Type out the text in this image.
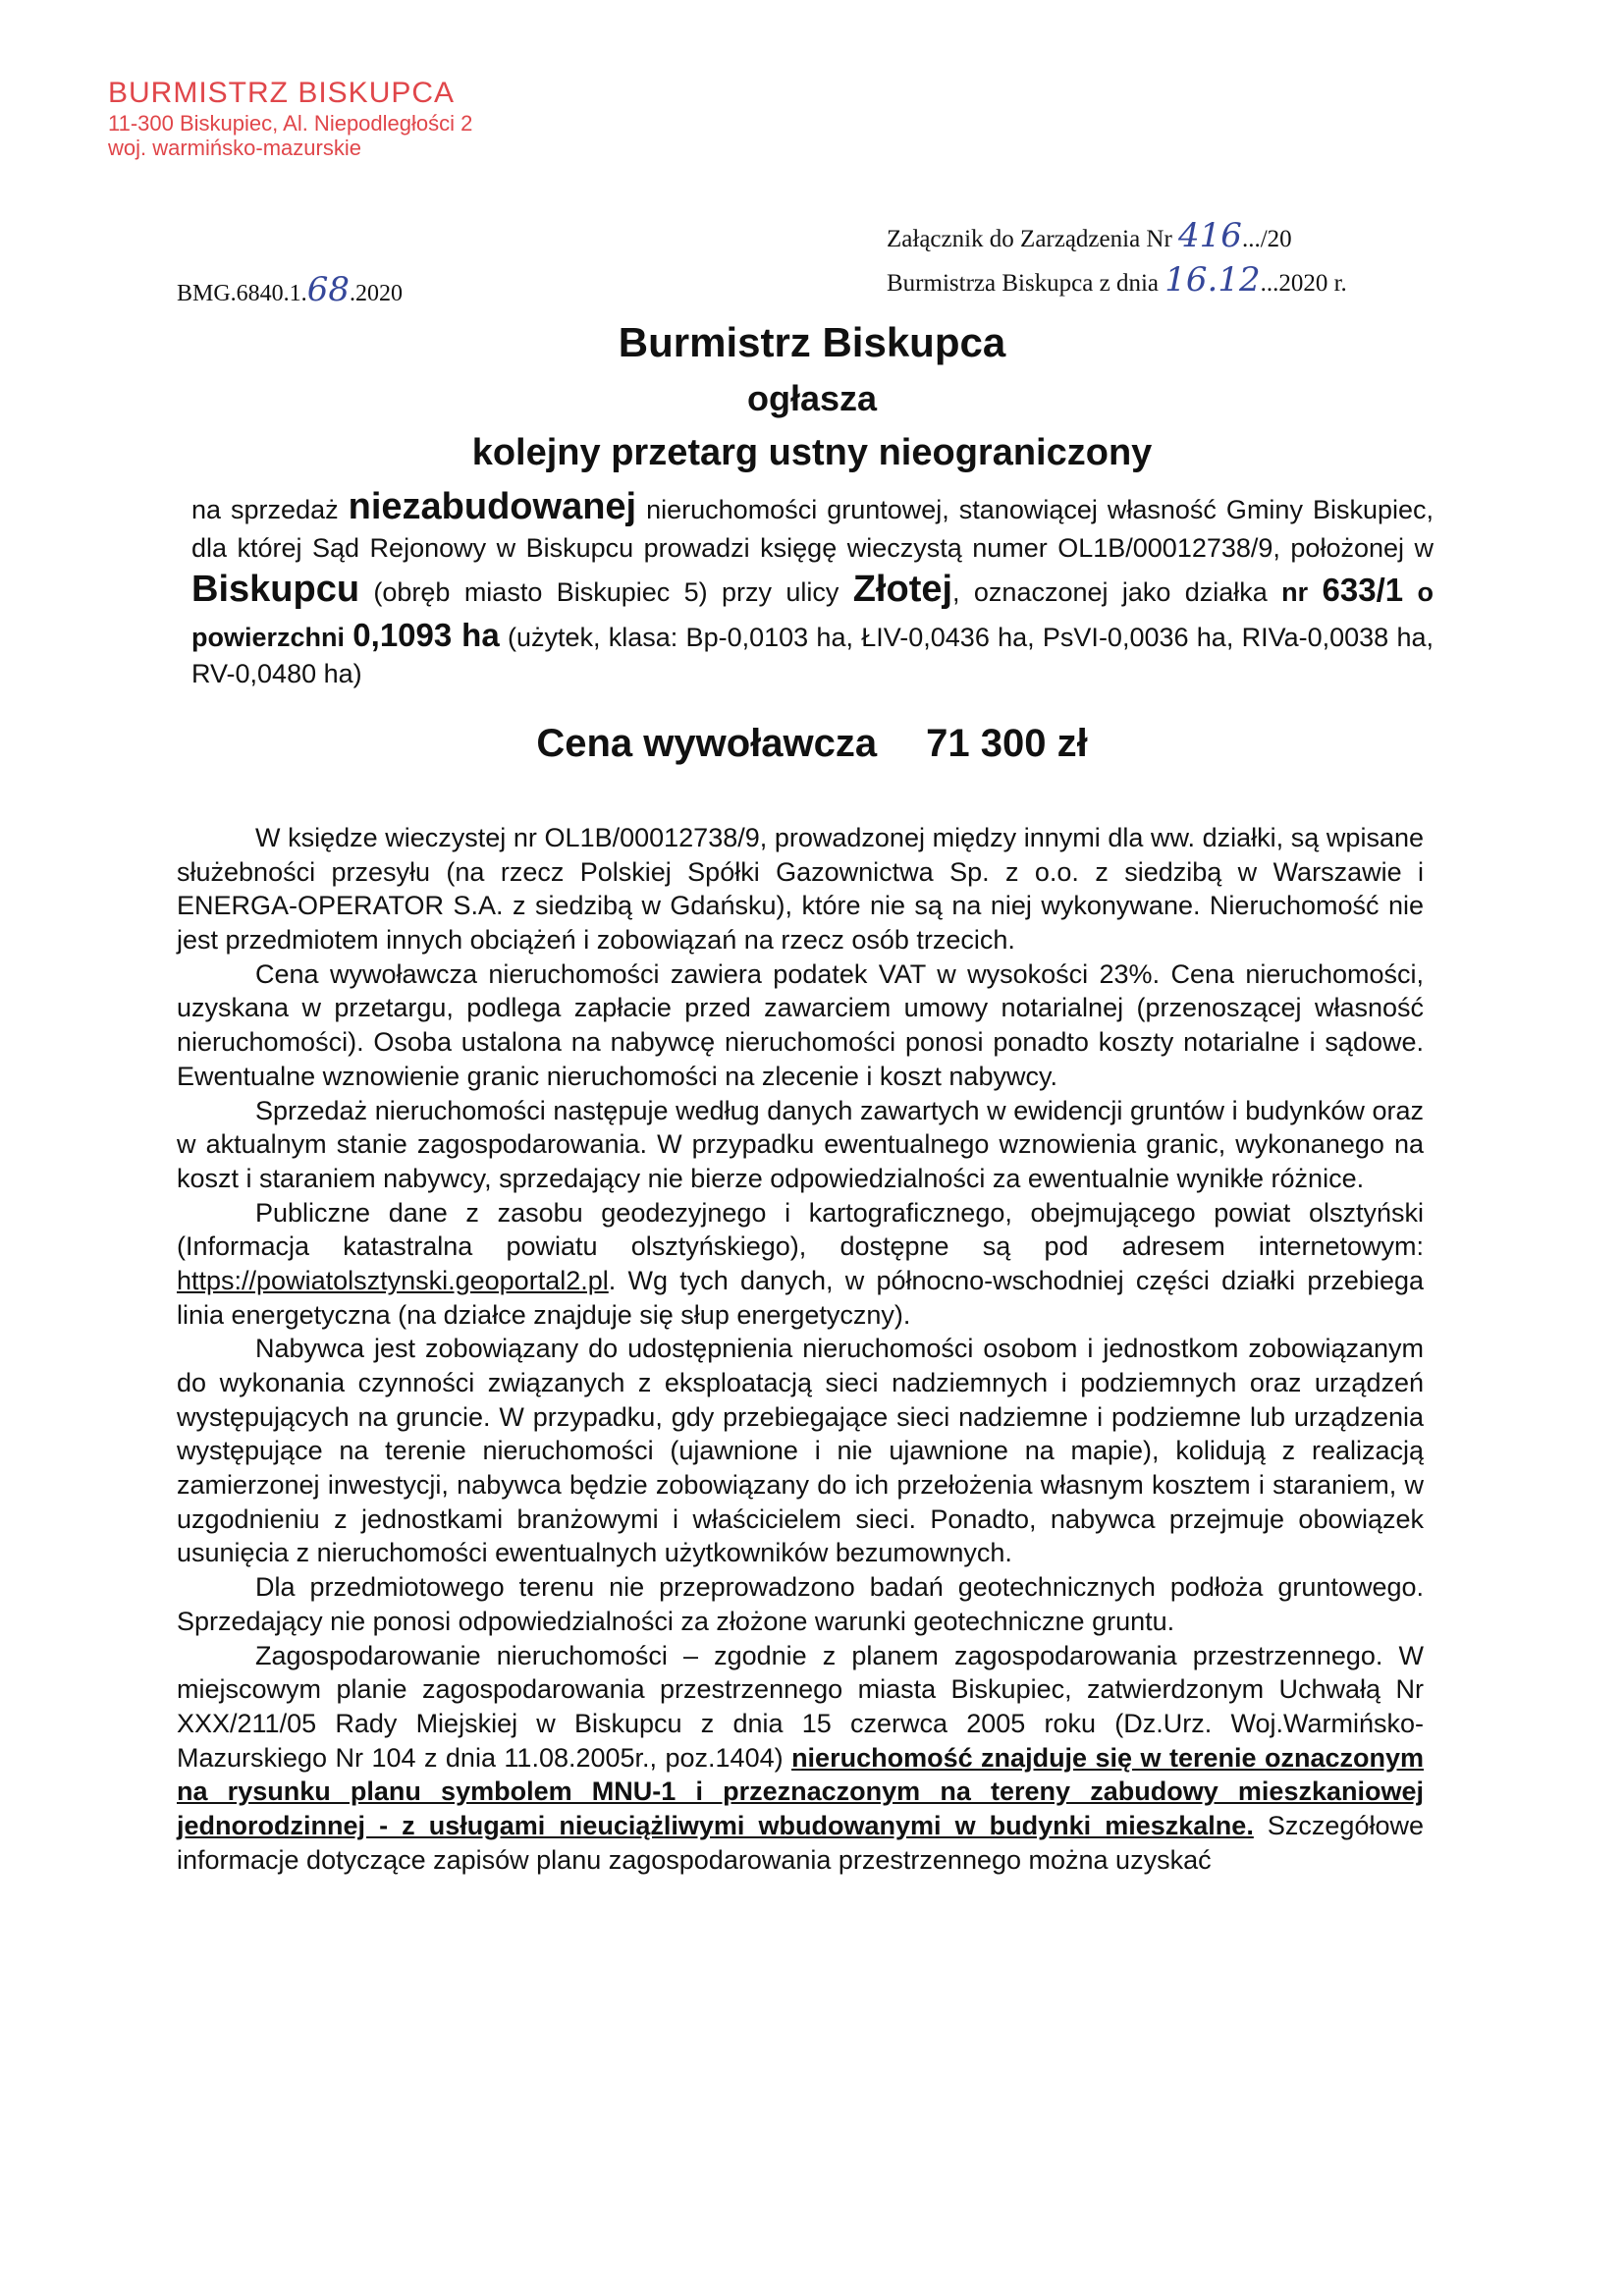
BURMISTRZ BISKUPCA
11-300 Biskupiec, Al. Niepodległości 2
woj. warmińsko-mazurskie
Załącznik do Zarządzenia Nr 416.../20
Burmistrza Biskupca z dnia 16.12...2020 r.
BMG.6840.1.68.2020
Burmistrz Biskupca
ogłasza
kolejny przetarg ustny nieograniczony
na sprzedaż niezabudowanej nieruchomości gruntowej, stanowiącej własność Gminy Biskupiec, dla której Sąd Rejonowy w Biskupcu prowadzi księgę wieczystą numer OL1B/00012738/9, położonej w Biskupcu (obręb miasto Biskupiec 5) przy ulicy Złotej, oznaczonej jako działka nr 633/1 o powierzchni 0,1093 ha (użytek, klasa: Bp-0,0103 ha, ŁIV-0,0436 ha, PsVI-0,0036 ha, RIVa-0,0038 ha, RV-0,0480 ha)
Cena wywoławcza 71 300 zł

W księdze wieczystej nr OL1B/00012738/9, prowadzonej między innymi dla ww. działki, są wpisane służebności przesyłu (na rzecz Polskiej Spółki Gazownictwa Sp. z o.o. z siedzibą w Warszawie i ENERGA-OPERATOR S.A. z siedzibą w Gdańsku), które nie są na niej wykonywane. Nieruchomość nie jest przedmiotem innych obciążeń i zobowiązań na rzecz osób trzecich.

Cena wywoławcza nieruchomości zawiera podatek VAT w wysokości 23%. Cena nieruchomości, uzyskana w przetargu, podlega zapłacie przed zawarciem umowy notarialnej (przenoszącej własność nieruchomości). Osoba ustalona na nabywcę nieruchomości ponosi ponadto koszty notarialne i sądowe. Ewentualne wznowienie granic nieruchomości na zlecenie i koszt nabywcy.

Sprzedaż nieruchomości następuje według danych zawartych w ewidencji gruntów i budynków oraz w aktualnym stanie zagospodarowania. W przypadku ewentualnego wznowienia granic, wykonanego na koszt i staraniem nabywcy, sprzedający nie bierze odpowiedzialności za ewentualnie wynikłe różnice.

Publiczne dane z zasobu geodezyjnego i kartograficznego, obejmującego powiat olsztyński (Informacja katastralna powiatu olsztyńskiego), dostępne są pod adresem internetowym: https://powiatolsztynski.geoportal2.pl. Wg tych danych, w północno-wschodniej części działki przebiega linia energetyczna (na działce znajduje się słup energetyczny).

Nabywca jest zobowiązany do udostępnienia nieruchomości osobom i jednostkom zobowiązanym do wykonania czynności związanych z eksploatacją sieci nadziemnych i podziemnych oraz urządzeń występujących na gruncie. W przypadku, gdy przebiegające sieci nadziemne i podziemne lub urządzenia występujące na terenie nieruchomości (ujawnione i nie ujawnione na mapie), kolidują z realizacją zamierzonej inwestycji, nabywca będzie zobowiązany do ich przełożenia własnym kosztem i staraniem, w uzgodnieniu z jednostkami branżowymi i właścicielem sieci. Ponadto, nabywca przejmuje obowiązek usunięcia z nieruchomości ewentualnych użytkowników bezumownych.

Dla przedmiotowego terenu nie przeprowadzono badań geotechnicznych podłoża gruntowego. Sprzedający nie ponosi odpowiedzialności za złożone warunki geotechniczne gruntu.

Zagospodarowanie nieruchomości – zgodnie z planem zagospodarowania przestrzennego. W miejscowym planie zagospodarowania przestrzennego miasta Biskupiec, zatwierdzonym Uchwałą Nr XXX/211/05 Rady Miejskiej w Biskupcu z dnia 15 czerwca 2005 roku (Dz.Urz. Woj.Warmińsko-Mazurskiego Nr 104 z dnia 11.08.2005r., poz.1404) nieruchomość znajduje się w terenie oznaczonym na rysunku planu symbolem MNU-1 i przeznaczonym na tereny zabudowy mieszkaniowej jednorodzinnej - z usługami nieuciążliwymi wbudowanymi w budynki mieszkalne. Szczegółowe informacje dotyczące zapisów planu zagospodarowania przestrzennego można uzyskać
